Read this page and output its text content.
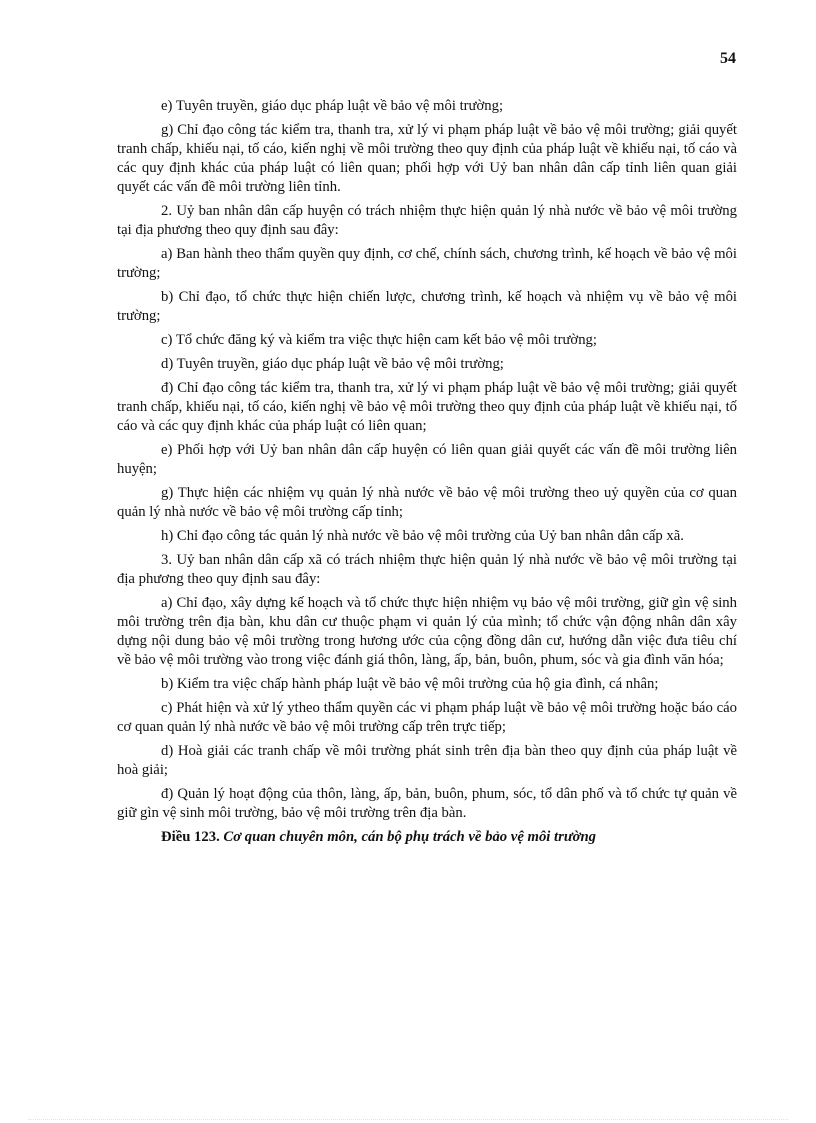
54

e) Tuyên truyền, giáo dục pháp luật về bảo vệ môi trường;

g) Chỉ đạo công tác kiểm tra, thanh tra, xử lý vi phạm pháp luật về bảo vệ môi trường; giải quyết tranh chấp, khiếu nại, tố cáo, kiến nghị về môi trường theo quy định của pháp luật về khiếu nại, tố cáo và các quy định khác của pháp luật có liên quan; phối hợp với Uỷ ban nhân dân cấp tỉnh liên quan giải quyết các vấn đề môi trường liên tỉnh.

2. Uỷ ban nhân dân cấp huyện có trách nhiệm thực hiện quản lý nhà nước về bảo vệ môi trường tại địa phương theo quy định sau đây:

a) Ban hành theo thẩm quyền quy định, cơ chế, chính sách, chương trình, kế hoạch về bảo vệ môi trường;

b) Chỉ đạo, tổ chức thực hiện chiến lược, chương trình, kế hoạch và nhiệm vụ về bảo vệ môi trường;

c) Tổ chức đăng ký và kiểm tra việc thực hiện cam kết bảo vệ môi trường;

d) Tuyên truyền, giáo dục pháp luật về bảo vệ môi trường;

đ) Chỉ đạo công tác kiểm tra, thanh tra, xử lý vi phạm pháp luật về bảo vệ môi trường; giải quyết tranh chấp, khiếu nại, tố cáo, kiến nghị về bảo vệ môi trường theo quy định của pháp luật về khiếu nại, tố cáo và các quy định khác của pháp luật có liên quan;

e) Phối hợp với Uỷ ban nhân dân cấp huyện có liên quan giải quyết các vấn đề môi trường liên huyện;

g) Thực hiện các nhiệm vụ quản lý nhà nước về bảo vệ môi trường theo uỷ quyền của cơ quan quản lý nhà nước về bảo vệ môi trường cấp tỉnh;

h) Chỉ đạo công tác quản lý nhà nước về bảo vệ môi trường của Uỷ ban nhân dân cấp xã.

3. Uỷ ban nhân dân cấp xã có trách nhiệm thực hiện quản lý nhà nước về bảo vệ môi trường tại địa phương theo quy định sau đây:

a) Chỉ đạo, xây dựng kế hoạch và tổ chức thực hiện nhiệm vụ bảo vệ môi trường, giữ gìn vệ sinh môi trường trên địa bàn, khu dân cư thuộc phạm vi quản lý của mình; tổ chức vận động nhân dân xây dựng nội dung bảo vệ môi trường trong hương ước của cộng đồng dân cư, hướng dẫn việc đưa tiêu chí về bảo vệ môi trường vào trong việc đánh giá thôn, làng, ấp, bản, buôn, phum, sóc và gia đình văn hóa;

b) Kiểm tra việc chấp hành pháp luật về bảo vệ môi trường của hộ gia đình, cá nhân;

c) Phát hiện và xử lý ytheo thẩm quyền các vi phạm pháp luật về bảo vệ môi trường hoặc báo cáo cơ quan quản lý nhà nước về bảo vệ môi trường cấp trên trực tiếp;

d) Hoà giải các tranh chấp về môi trường phát sinh trên địa bàn theo quy định của pháp luật về hoà giải;

đ) Quản lý hoạt động của thôn, làng, ấp, bản, buôn, phum, sóc, tổ dân phố và tổ chức tự quản về giữ gìn vệ sinh môi trường, bảo vệ môi trường trên địa bàn.

Điều 123. Cơ quan chuyên môn, cán bộ phụ trách về bảo vệ môi trường
